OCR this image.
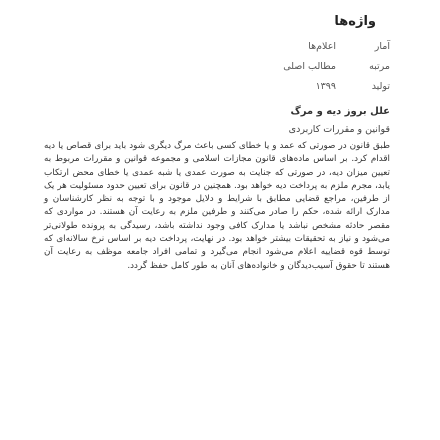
واژه‌ها
آمار
اعلام‌ها
مرتبه
مطالب اصلی
تولید
۱۳۹۹
علل بروز دیه و مرگ
قوانین و مقررات کاربردی
طبق قانون در صورتی که عمد و یا خطای کسی باعث مرگ دیگری شود باید برای قصاص یا دیه اقدام کرد. بر اساس ماده‌های قانون مجازات اسلامی و مجموعه قوانین و مقررات مربوط به تعیین میزان دیه، در صورتی که جنایت به صورت عمدی یا شبه عمدی یا خطای محض ارتکاب یابد، مجرم ملزم به پرداخت دیه خواهد بود. همچنین در قانون برای تعیین حدود مسئولیت هر یک از طرفین، مراجع قضایی مطابق با شرایط و دلایل موجود و با توجه به نظر کارشناسان و مدارک ارائه شده، حکم را صادر می‌کنند و طرفین ملزم به رعایت آن هستند. در مواردی که مقصر حادثه مشخص نباشد یا مدارک کافی وجود نداشته باشد، رسیدگی به پرونده طولانی‌تر می‌شود و نیاز به تحقیقات بیشتر خواهد بود. در نهایت، پرداخت دیه بر اساس نرخ سالانه‌ای که توسط قوه قضاییه اعلام می‌شود انجام می‌گیرد و تمامی افراد جامعه موظف به رعایت آن هستند تا حقوق آسیب‌دیدگان و خانواده‌های آنان به طور کامل حفظ گردد.
